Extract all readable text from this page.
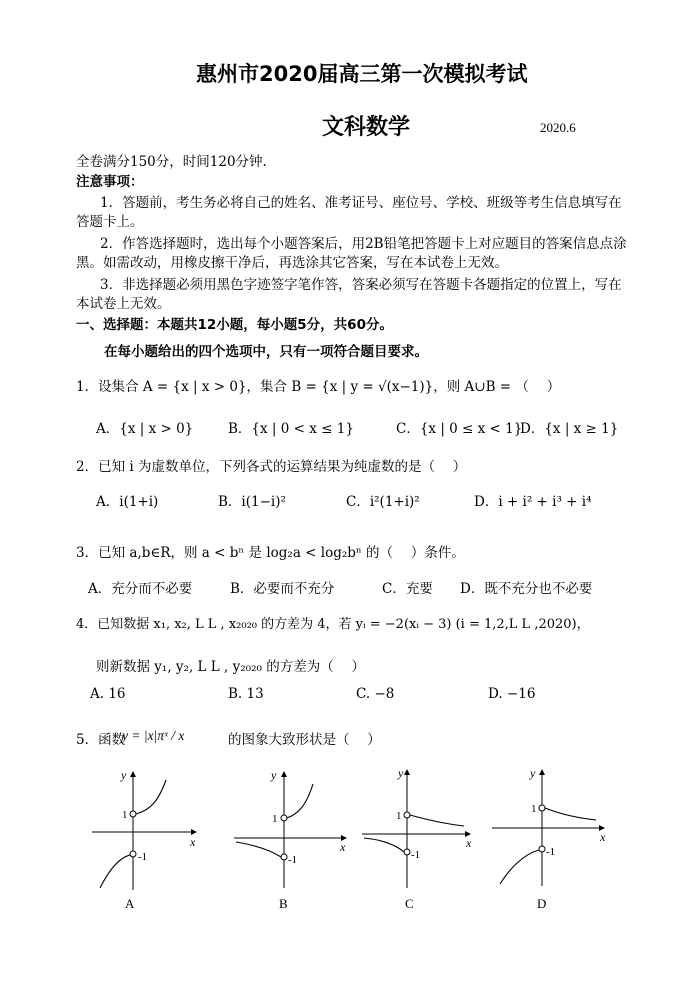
惠州市2020届高三第一次模拟考试
文科数学	2020.6
全卷满分150分，时间120分钟.
注意事项：
1．答题前，考生务必将自己的姓名、准考证号、座位号、学校、班级等考生信息填写在
答题卡上。
2．作答选择题时，选出每个小题答案后，用2B铅笔把答题卡上对应题目的答案信息点涂
黑。如需改动，用橡皮擦干净后，再选涂其它答案，写在本试卷上无效。
3．非选择题必须用黑色字迹签字笔作答，答案必须写在答题卡各题指定的位置上，写在
本试卷上无效。
一、选择题：本题共12小题，每小题5分，共60分。
在每小题给出的四个选项中，只有一项符合题目要求。
1．设集合 A = {x | x > 0}，集合 B = {x | y = √(x−1)}，则 A∪B = （　 ）
A．{x | x > 0}	B．{x | 0 < x ≤ 1}	C．{x | 0 ≤ x < 1}
D．{x | x ≥ 1}
2．已知 i 为虚数单位，下列各式的运算结果为纯虚数的是（　 ）
A．i(1+i)	B．i(1−i)²	C．i²(1+i)²	D．i + i² + i³ + i⁴
3．已知 a,b∈R，则 a < bⁿ 是 log₂a < log₂bⁿ 的（　 ）条件。
A．充分而不必要	B．必要而不充分	C．充要 D．既不充分也不必要
4．已知数据 x₁, x₂, L L , x₂₀₂₀ 的方差为 4，若 yᵢ = −2(xᵢ − 3) (i = 1,2,L L ,2020)，
则新数据 y₁, y₂, L L , y₂₀₂₀ 的方差为（　 ）
A. 16	B. 13	C. −8	D. −16
5．函数
y = |x|πˣ / x	的图象大致形状是（　 ）
y
x
1
-1
y
x
1
-1
y
x
1
-1
y
x
1
-1
A	B	C	D
